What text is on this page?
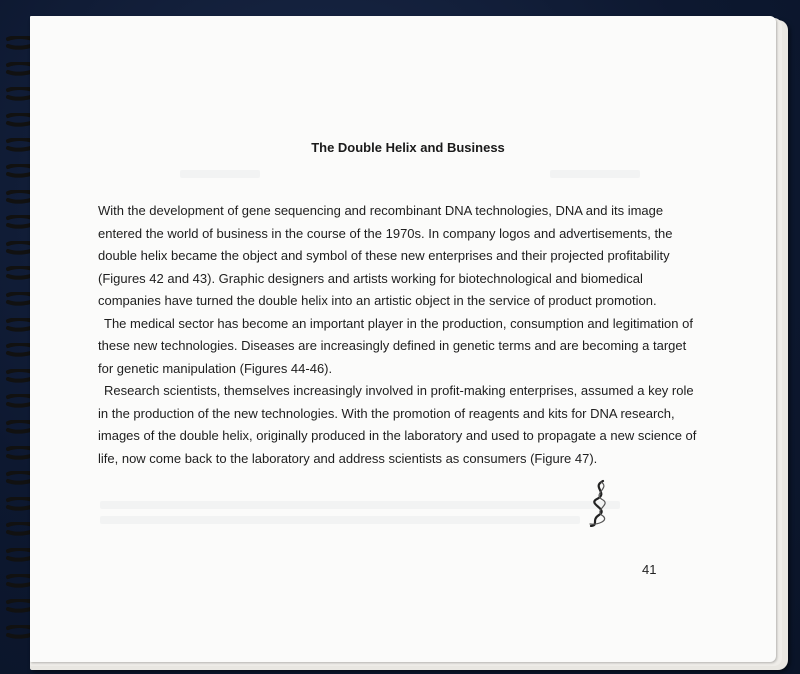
The Double Helix and Business

With the development of gene sequencing and recombinant DNA technologies, DNA and its image entered the world of business in the course of the 1970s. In company logos and advertisements, the double helix became the object and symbol of these new enterprises and their projected profitability (Figures 42 and 43). Graphic designers and artists working for biotechnological and biomedical companies have turned the double helix into an artistic object in the service of product promotion.

The medical sector has become an important player in the production, consumption and legitimation of these new technologies. Diseases are increasingly defined in genetic terms and are becoming a target for genetic manipulation (Figures 44-46).

Research scientists, themselves increasingly involved in profit-making enterprises, assumed a key role in the production of the new technologies. With the promotion of reagents and kits for DNA research, images of the double helix, originally produced in the laboratory and used to propagate a new science of life, now come back to the laboratory and address scientists as consumers (Figure 47).

41
